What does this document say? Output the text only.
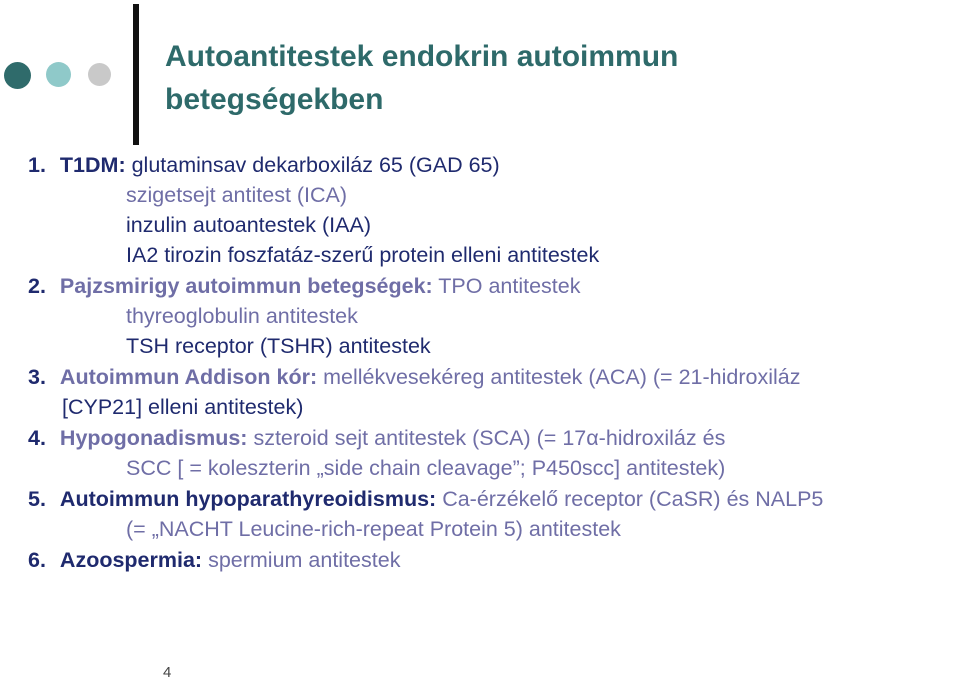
Autoantitestek endokrin autoimmun
betegségekben
1. T1DM: glutaminsav dekarboxiláz 65 (GAD 65)
szigetsejt antitest (ICA)
inzulin autoantestek (IAA)
IA2 tirozin foszfatáz-szerű protein elleni antitestek
2. Pajzsmirigy autoimmun betegségek: TPO antitestek
thyreoglobulin antitestek
TSH receptor (TSHR) antitestek
3. Autoimmun Addison kór: mellékvesekéreg antitestek (ACA) (= 21-hidroxiláz
[CYP21] elleni antitestek)
4. Hypogonadismus: szteroid sejt antitestek (SCA) (= 17α-hidroxiláz és
SCC [ = koleszterin „side chain cleavage”; P450scc] antitestek)
5. Autoimmun hypoparathyreoidismus: Ca-érzékelő receptor (CaSR) és NALP5
(= „NACHT Leucine-rich-repeat Protein 5) antitestek
6. Azoospermia: spermium antitestek
4
